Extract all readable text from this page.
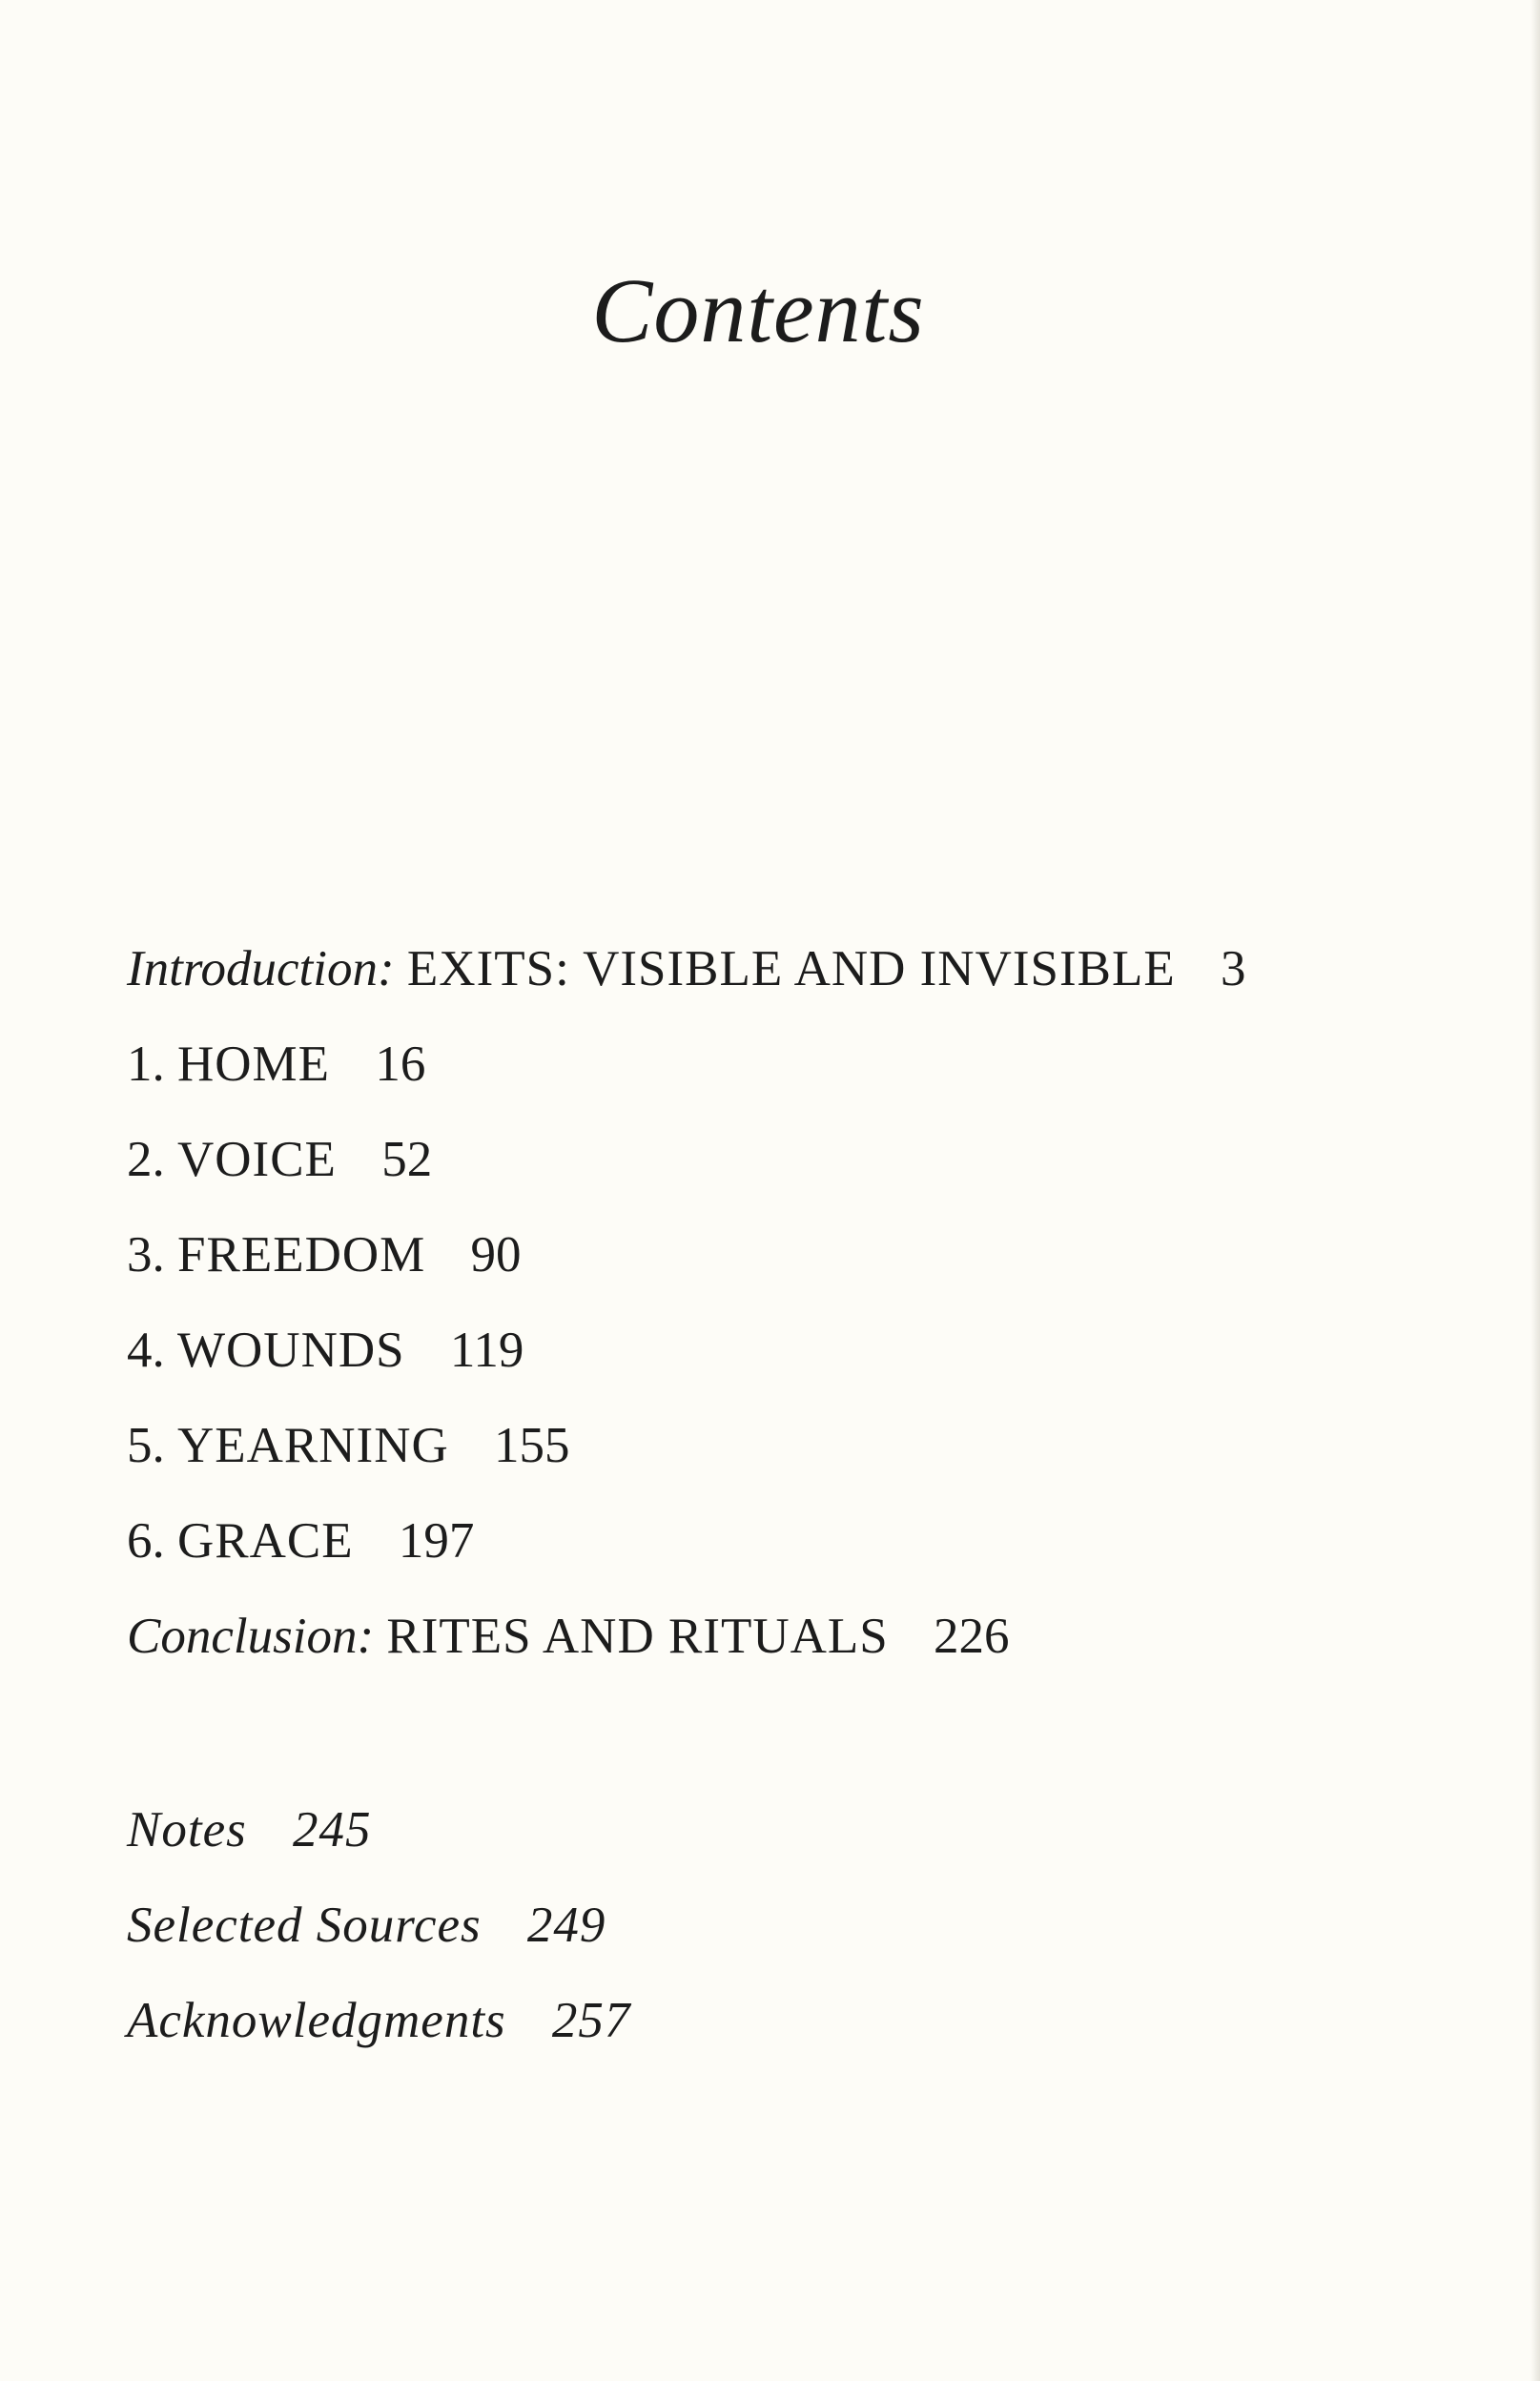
Contents
Introduction: EXITS: VISIBLE AND INVISIBLE 3
1. HOME 16
2. VOICE 52
3. FREEDOM 90
4. WOUNDS 119
5. YEARNING 155
6. GRACE 197
Conclusion: RITES AND RITUALS 226
Notes 245
Selected Sources 249
Acknowledgments 257
